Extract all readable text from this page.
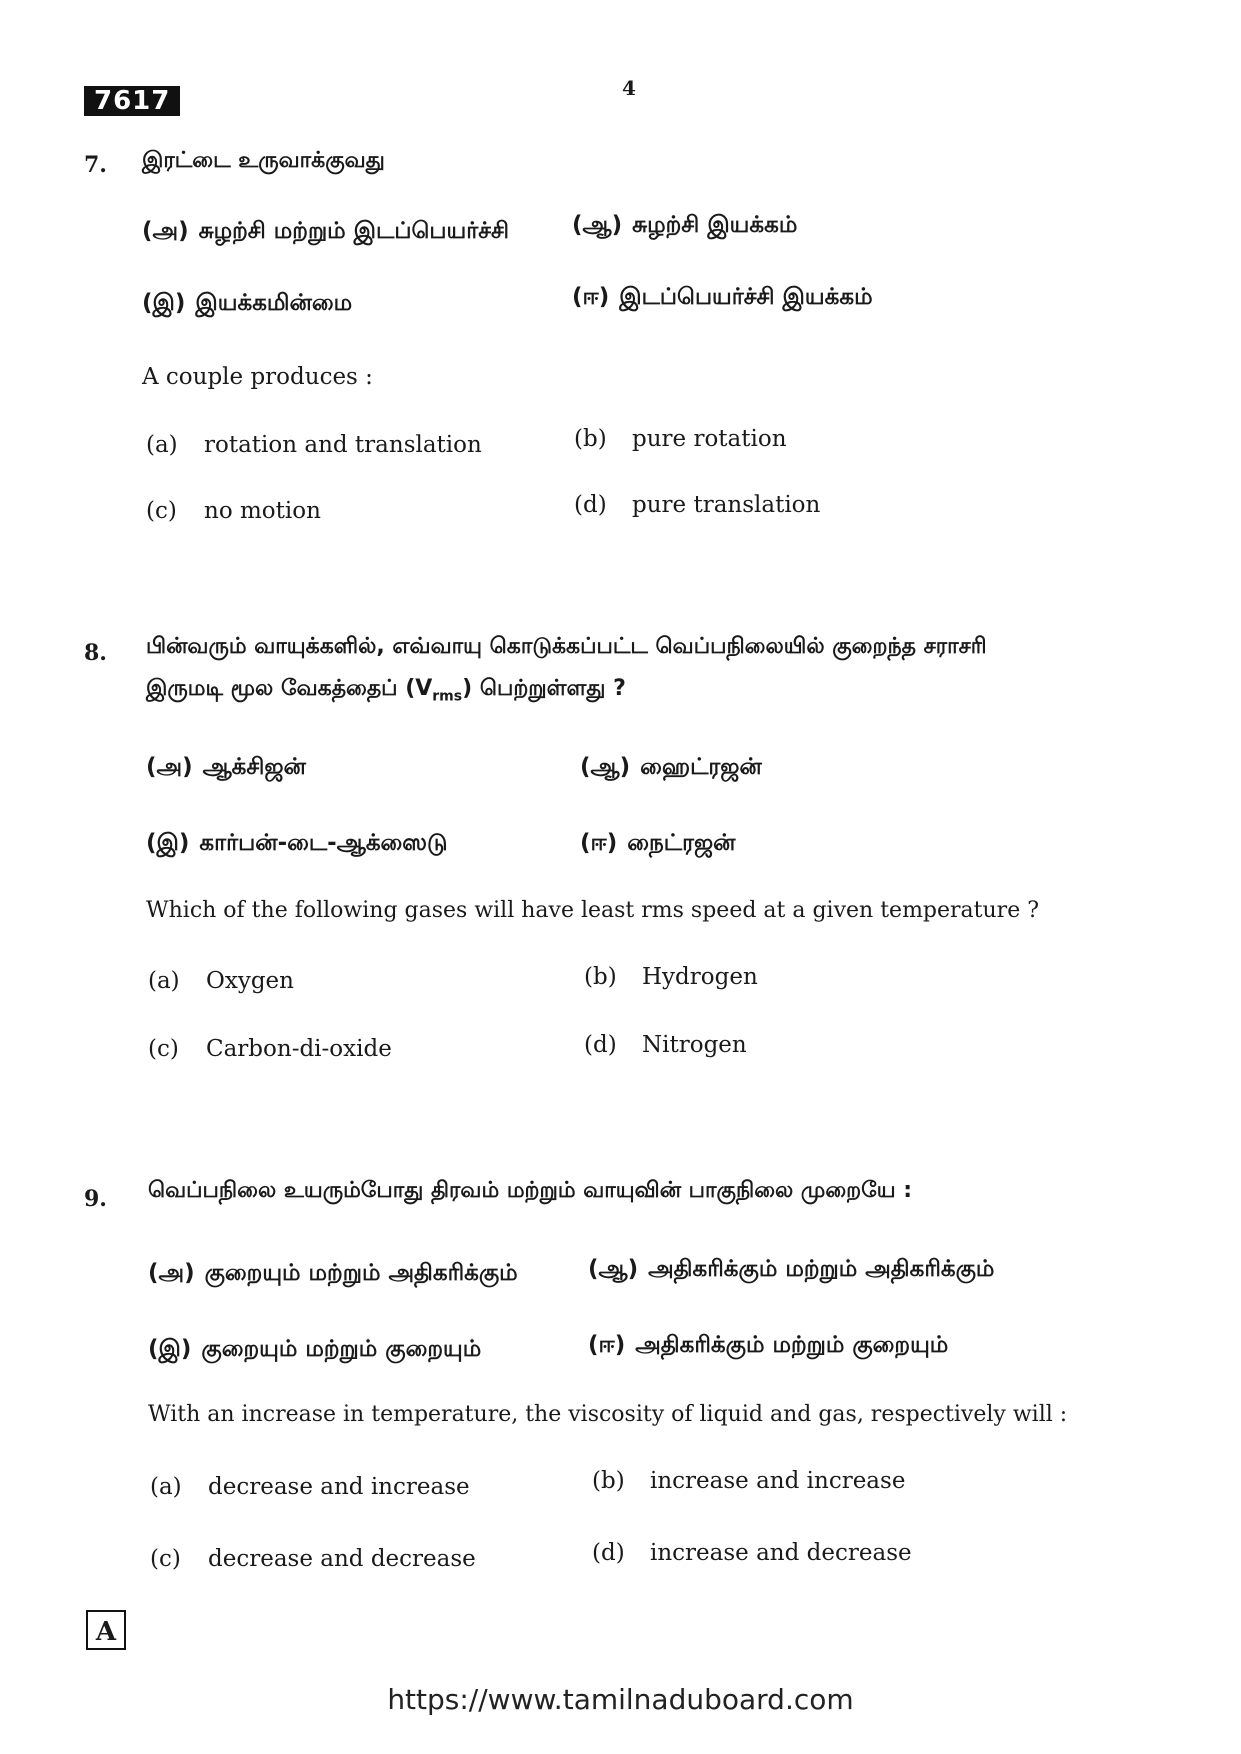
7617	4
7. இரட்டை உருவாக்குவது
(அ) சுழற்சி மற்றும் இடப்பெயர்ச்சி	(ஆ) சுழற்சி இயக்கம்
(இ) இயக்கமின்மை	(ஈ) இடப்பெயர்ச்சி இயக்கம்
A couple produces :
(a) rotation and translation	(b) pure rotation
(c) no motion	(d) pure translation
8. பின்வரும் வாயுக்களில், எவ்வாயு கொடுக்கப்பட்ட வெப்பநிலையில் குறைந்த சராசரி
இருமடி மூல வேகத்தைப் $(V_{rms})$ பெற்றுள்ளது ?
(அ) ஆக்சிஜன்	(ஆ) ஹைட்ரஜன்
(இ) கார்பன்-டை-ஆக்ஸைடு	(ஈ) நைட்ரஜன்
Which of the following gases will have least rms speed at a given temperature ?
(a) Oxygen	(b) Hydrogen
(c) Carbon-di-oxide	(d) Nitrogen
9. வெப்பநிலை உயரும்போது திரவம் மற்றும் வாயுவின் பாகுநிலை முறையே :
(அ) குறையும் மற்றும் அதிகரிக்கும்	(ஆ) அதிகரிக்கும் மற்றும் அதிகரிக்கும்
(இ) குறையும் மற்றும் குறையும்	(ஈ) அதிகரிக்கும் மற்றும் குறையும்
With an increase in temperature, the viscosity of liquid and gas, respectively will :
(a) decrease and increase	(b) increase and increase
(c) decrease and decrease	(d) increase and decrease
A
https://www.tamilnaduboard.com
